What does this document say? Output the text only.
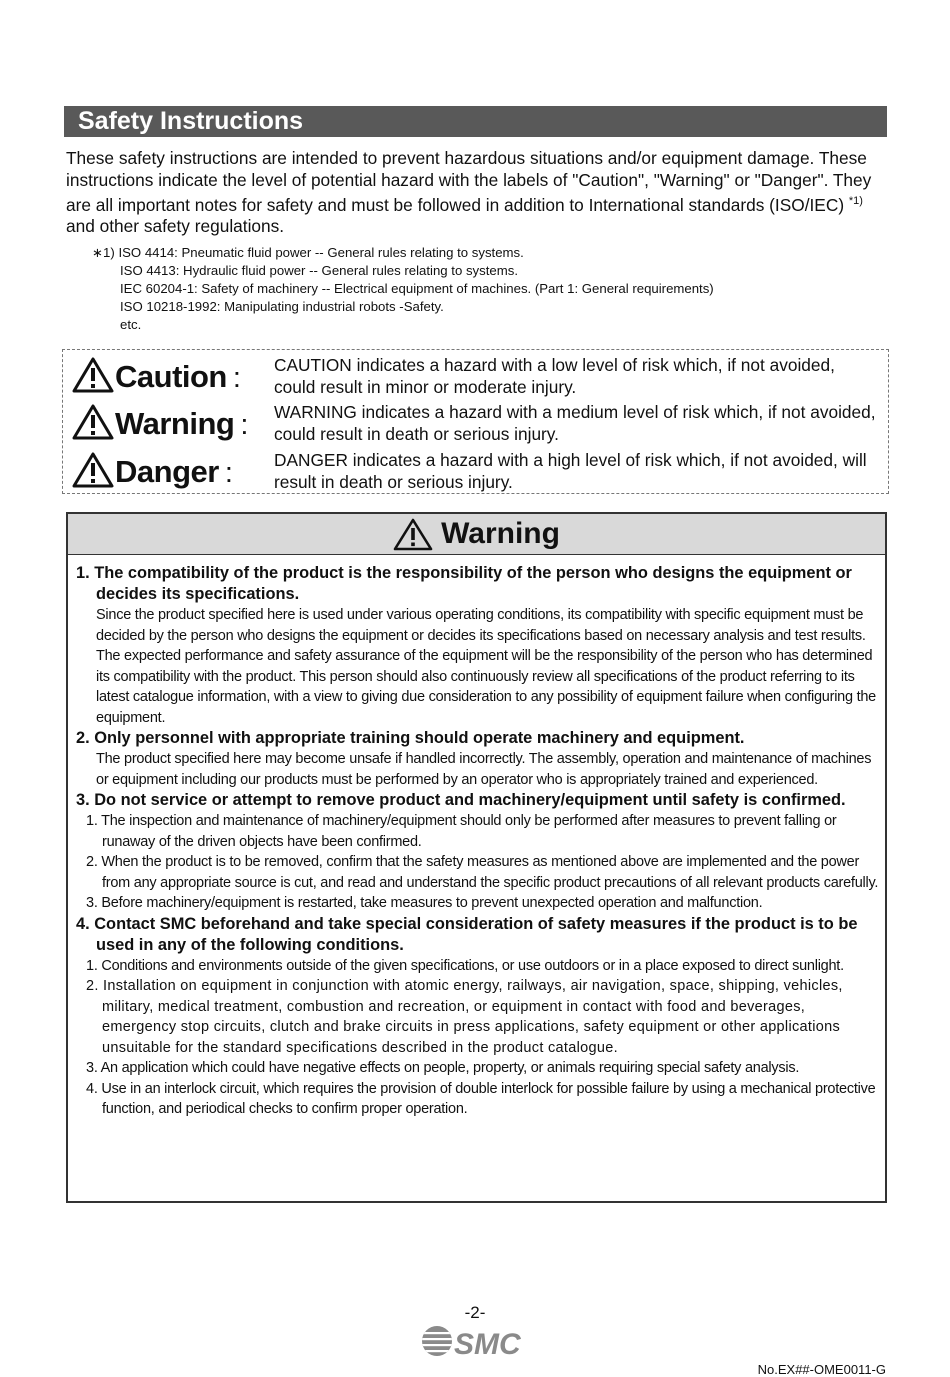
Safety Instructions
These safety instructions are intended to prevent hazardous situations and/or equipment damage. These instructions indicate the level of potential hazard with the labels of "Caution", "Warning" or "Danger". They are all important notes for safety and must be followed in addition to International standards (ISO/IEC) $^{*1)}$ and other safety regulations.
∗1) ISO 4414: Pneumatic fluid power -- General rules relating to systems.
ISO 4413: Hydraulic fluid power -- General rules relating to systems.
IEC 60204-1: Safety of machinery -- Electrical equipment of machines. (Part 1: General requirements)
ISO 10218-1992: Manipulating industrial robots -Safety.
etc.
Caution : CAUTION indicates a hazard with a low level of risk which, if not avoided, could result in minor or moderate injury.
Warning : WARNING indicates a hazard with a medium level of risk which, if not avoided, could result in death or serious injury.
Danger : DANGER indicates a hazard with a high level of risk which, if not avoided, will result in death or serious injury.
Warning
1. The compatibility of the product is the responsibility of the person who designs the equipment or decides its specifications.
Since the product specified here is used under various operating conditions, its compatibility with specific equipment must be decided by the person who designs the equipment or decides its specifications based on necessary analysis and test results. The expected performance and safety assurance of the equipment will be the responsibility of the person who has determined its compatibility with the product. This person should also continuously review all specifications of the product referring to its latest catalogue information, with a view to giving due consideration to any possibility of equipment failure when configuring the equipment.
2. Only personnel with appropriate training should operate machinery and equipment.
The product specified here may become unsafe if handled incorrectly. The assembly, operation and maintenance of machines or equipment including our products must be performed by an operator who is appropriately trained and experienced.
3. Do not service or attempt to remove product and machinery/equipment until safety is confirmed.
1. The inspection and maintenance of machinery/equipment should only be performed after measures to prevent falling or runaway of the driven objects have been confirmed.
2. When the product is to be removed, confirm that the safety measures as mentioned above are implemented and the power from any appropriate source is cut, and read and understand the specific product precautions of all relevant products carefully.
3. Before machinery/equipment is restarted, take measures to prevent unexpected operation and malfunction.
4. Contact SMC beforehand and take special consideration of safety measures if the product is to be used in any of the following conditions.
1. Conditions and environments outside of the given specifications, or use outdoors or in a place exposed to direct sunlight.
2. Installation on equipment in conjunction with atomic energy, railways, air navigation, space, shipping, vehicles, military, medical treatment, combustion and recreation, or equipment in contact with food and beverages, emergency stop circuits, clutch and brake circuits in press applications, safety equipment or other applications unsuitable for the standard specifications described in the product catalogue.
3. An application which could have negative effects on people, property, or animals requiring special safety analysis.
4. Use in an interlock circuit, which requires the provision of double interlock for possible failure by using a mechanical protective function, and periodical checks to confirm proper operation.
-2-
SMC
No.EX##-OME0011-G
